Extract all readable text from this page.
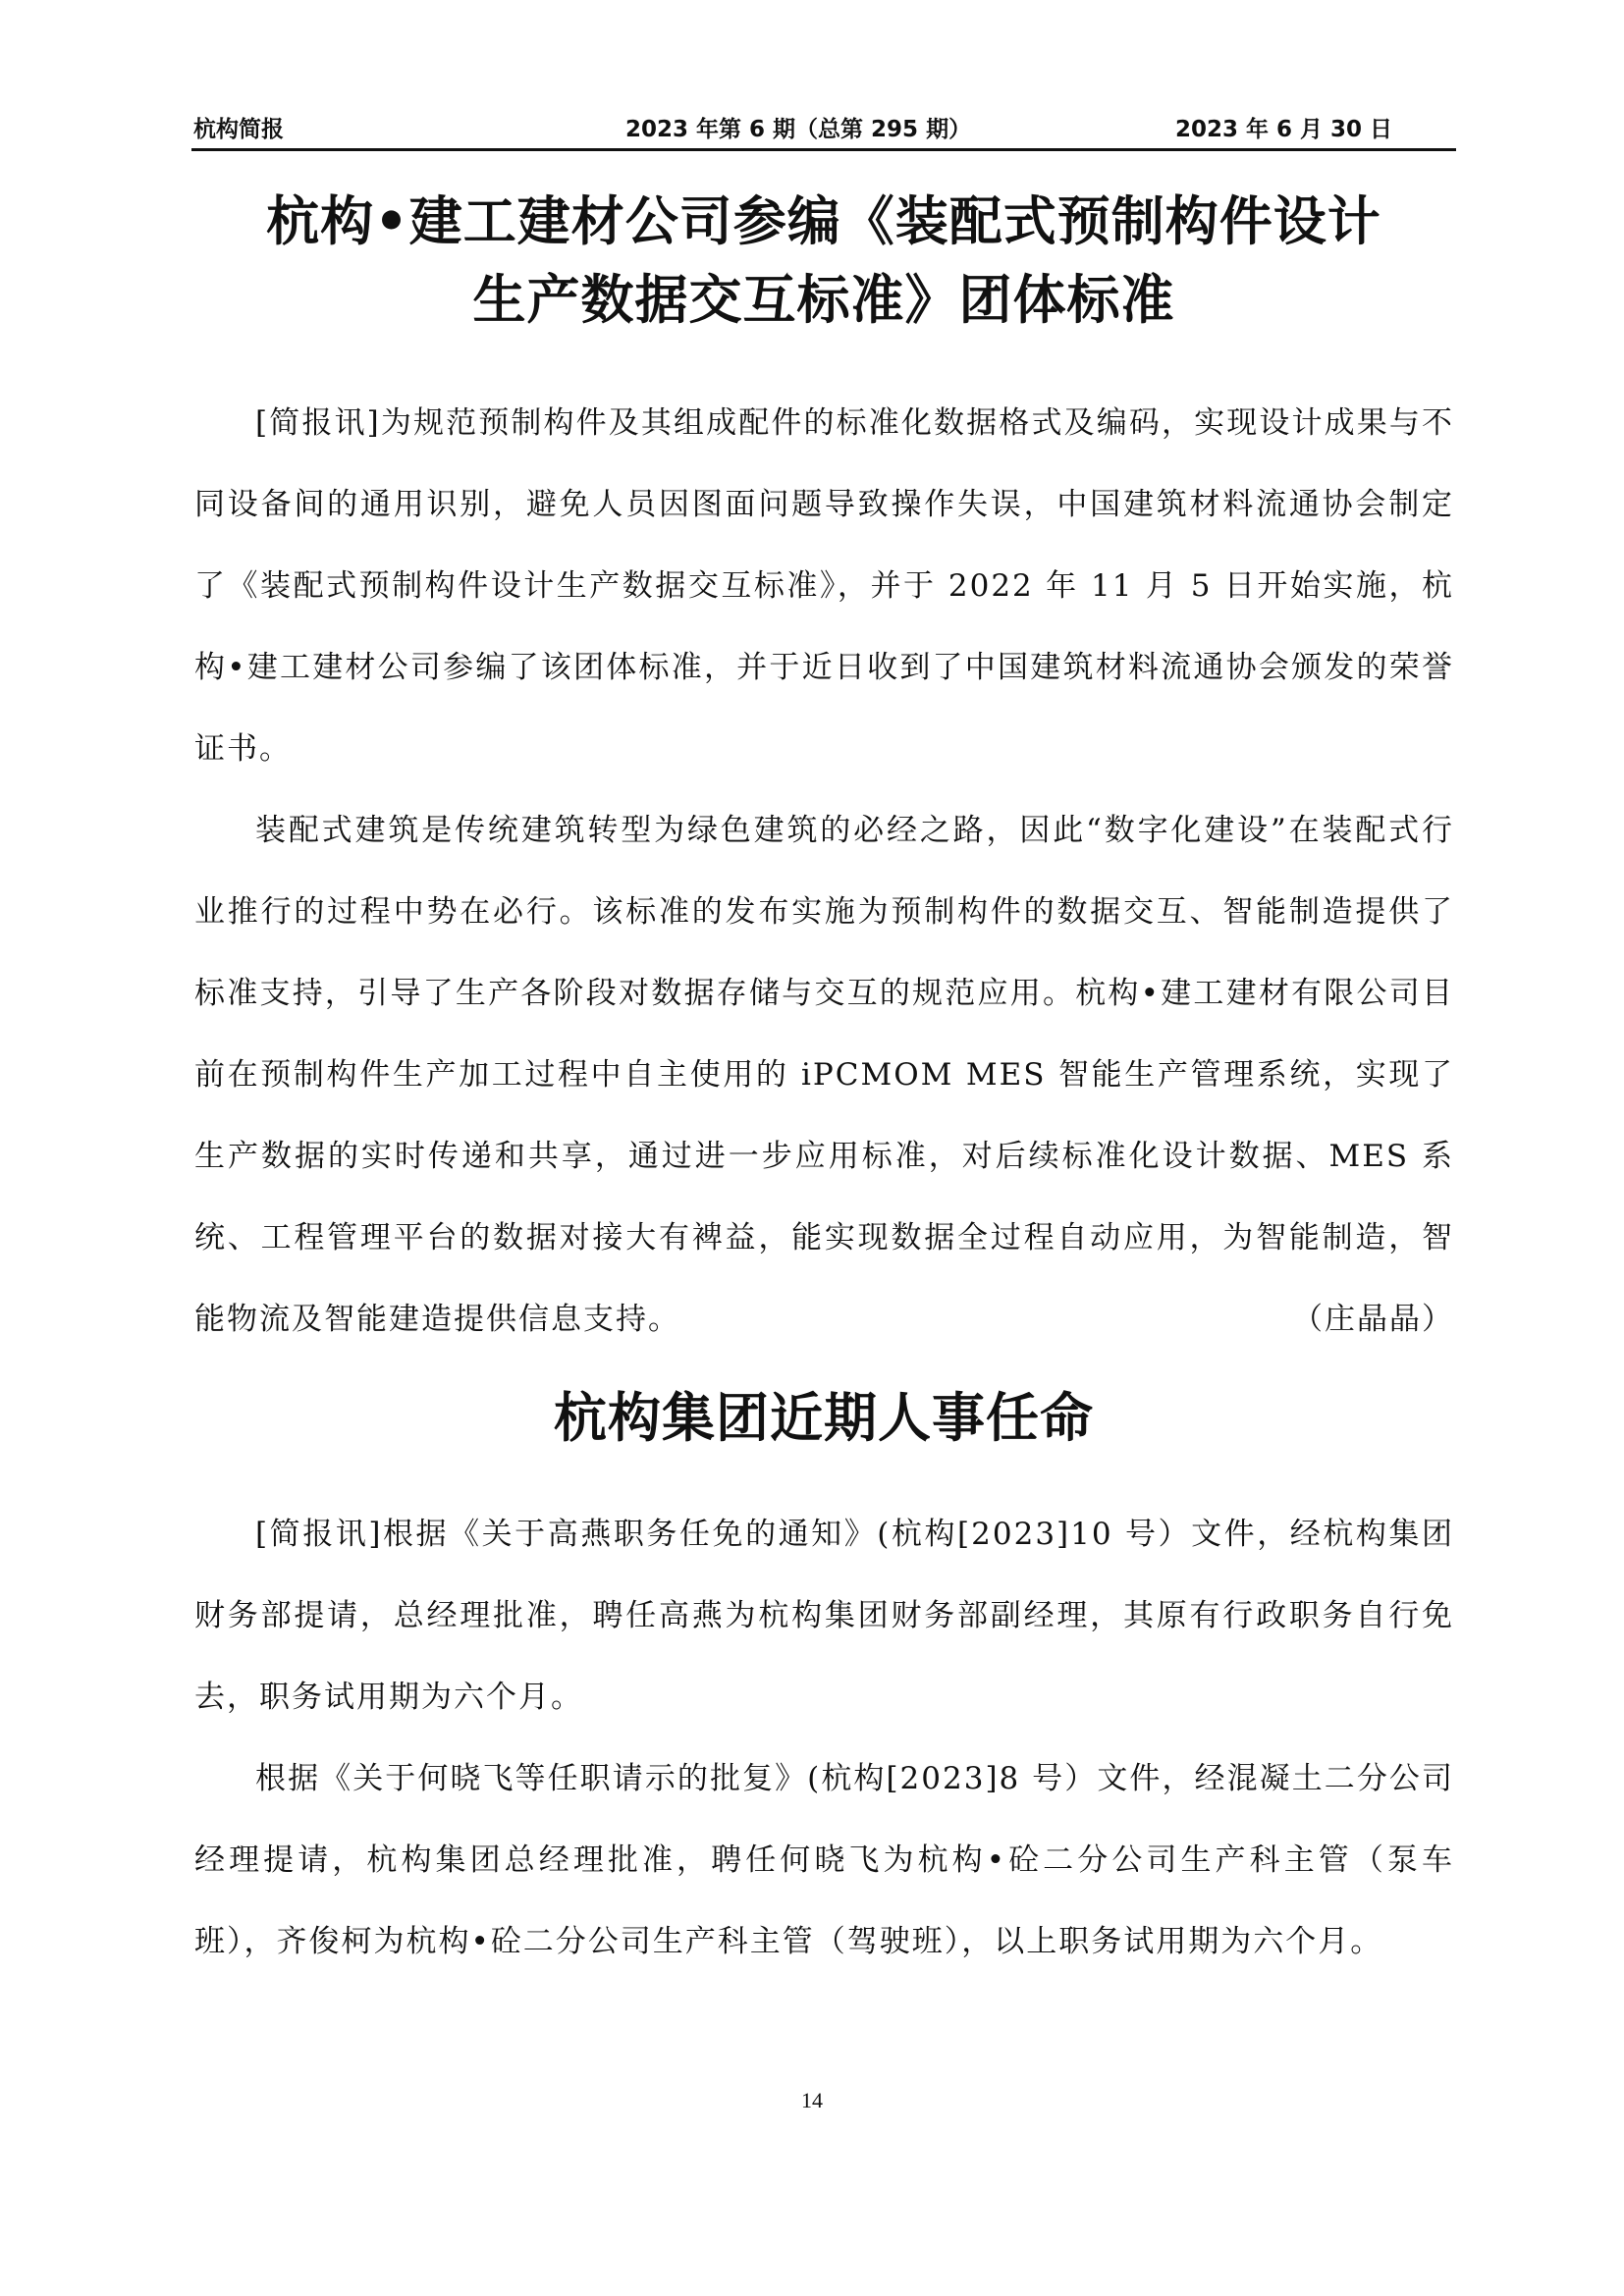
杭构简报	2023 年第 6 期（总第 295 期）	2023 年 6 月 30 日
杭构•建工建材公司参编《装配式预制构件设计
生产数据交互标准》团体标准

[简报讯]为规范预制构件及其组成配件的标准化数据格式及编码，实现设计成果与不同设备间的通用识别，避免人员因图面问题导致操作失误，中国建筑材料流通协会制定了《装配式预制构件设计生产数据交互标准》，并于 2022 年 11 月 5 日开始实施，杭构•建工建材公司参编了该团体标准，并于近日收到了中国建筑材料流通协会颁发的荣誉证书。

装配式建筑是传统建筑转型为绿色建筑的必经之路，因此“数字化建设”在装配式行业推行的过程中势在必行。该标准的发布实施为预制构件的数据交互、智能制造提供了标准支持，引导了生产各阶段对数据存储与交互的规范应用。杭构•建工建材有限公司目前在预制构件生产加工过程中自主使用的 iPCMOM MES 智能生产管理系统，实现了生产数据的实时传递和共享，通过进一步应用标准，对后续标准化设计数据、MES 系统、工程管理平台的数据对接大有裨益，能实现数据全过程自动应用，为智能制造，智能物流及智能建造提供信息支持。	（庄晶晶）

杭构集团近期人事任命

[简报讯]根据《关于高燕职务任免的通知》(杭构[2023]10 号）文件，经杭构集团财务部提请，总经理批准，聘任高燕为杭构集团财务部副经理，其原有行政职务自行免去，职务试用期为六个月。

根据《关于何晓飞等任职请示的批复》(杭构[2023]8 号）文件，经混凝土二分公司经理提请，杭构集团总经理批准，聘任何晓飞为杭构•砼二分公司生产科主管（泵车班），齐俊柯为杭构•砼二分公司生产科主管（驾驶班），以上职务试用期为六个月。

14
